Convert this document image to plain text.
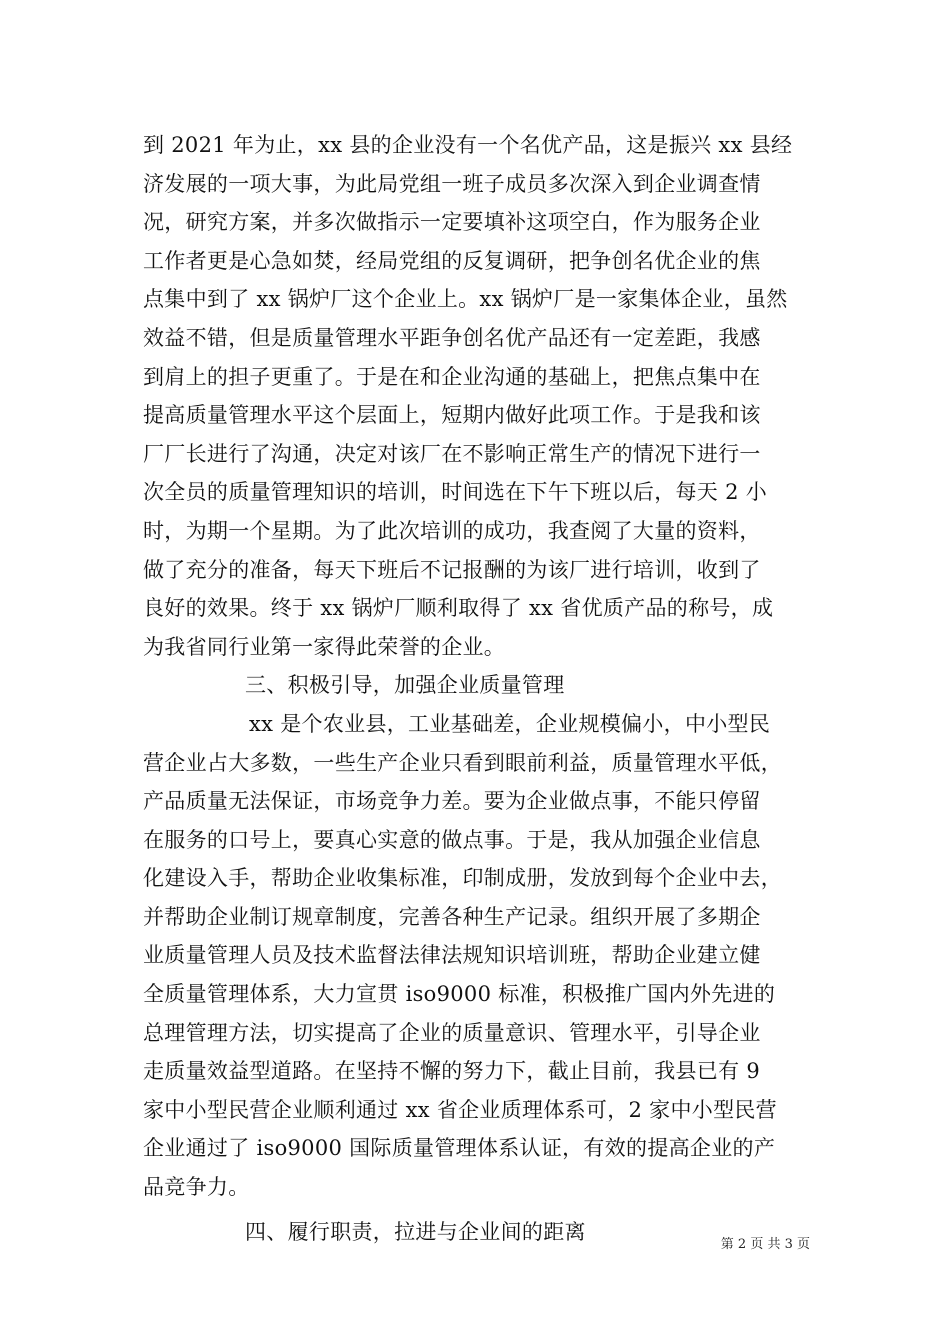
到 2021 年为止，xx 县的企业没有一个名优产品，这是振兴 xx 县经
济发展的一项大事，为此局党组一班子成员多次深入到企业调查情
况，研究方案，并多次做指示一定要填补这项空白，作为服务企业
工作者更是心急如焚，经局党组的反复调研，把争创名优企业的焦
点集中到了 xx 锅炉厂这个企业上。xx 锅炉厂是一家集体企业，虽然
效益不错，但是质量管理水平距争创名优产品还有一定差距，我感
到肩上的担子更重了。于是在和企业沟通的基础上，把焦点集中在
提高质量管理水平这个层面上，短期内做好此项工作。于是我和该
厂厂长进行了沟通，决定对该厂在不影响正常生产的情况下进行一
次全员的质量管理知识的培训，时间选在下午下班以后，每天 2 小
时，为期一个星期。为了此次培训的成功，我查阅了大量的资料，
做了充分的准备，每天下班后不记报酬的为该厂进行培训，收到了
良好的效果。终于 xx 锅炉厂顺利取得了 xx 省优质产品的称号，成
为我省同行业第一家得此荣誉的企业。
三、积极引导，加强企业质量管理
xx 是个农业县，工业基础差，企业规模偏小，中小型民
营企业占大多数，一些生产企业只看到眼前利益，质量管理水平低，
产品质量无法保证，市场竞争力差。要为企业做点事，不能只停留
在服务的口号上，要真心实意的做点事。于是，我从加强企业信息
化建设入手，帮助企业收集标准，印制成册，发放到每个企业中去，
并帮助企业制订规章制度，完善各种生产记录。组织开展了多期企
业质量管理人员及技术监督法律法规知识培训班，帮助企业建立健
全质量管理体系，大力宣贯 iso9000 标准，积极推广国内外先进的
总理管理方法，切实提高了企业的质量意识、管理水平，引导企业
走质量效益型道路。在坚持不懈的努力下，截止目前，我县已有 9
家中小型民营企业顺利通过 xx 省企业质理体系可，2 家中小型民营
企业通过了 iso9000 国际质量管理体系认证，有效的提高企业的产
品竞争力。
四、履行职责，拉进与企业间的距离
第 2 页 共 3 页
